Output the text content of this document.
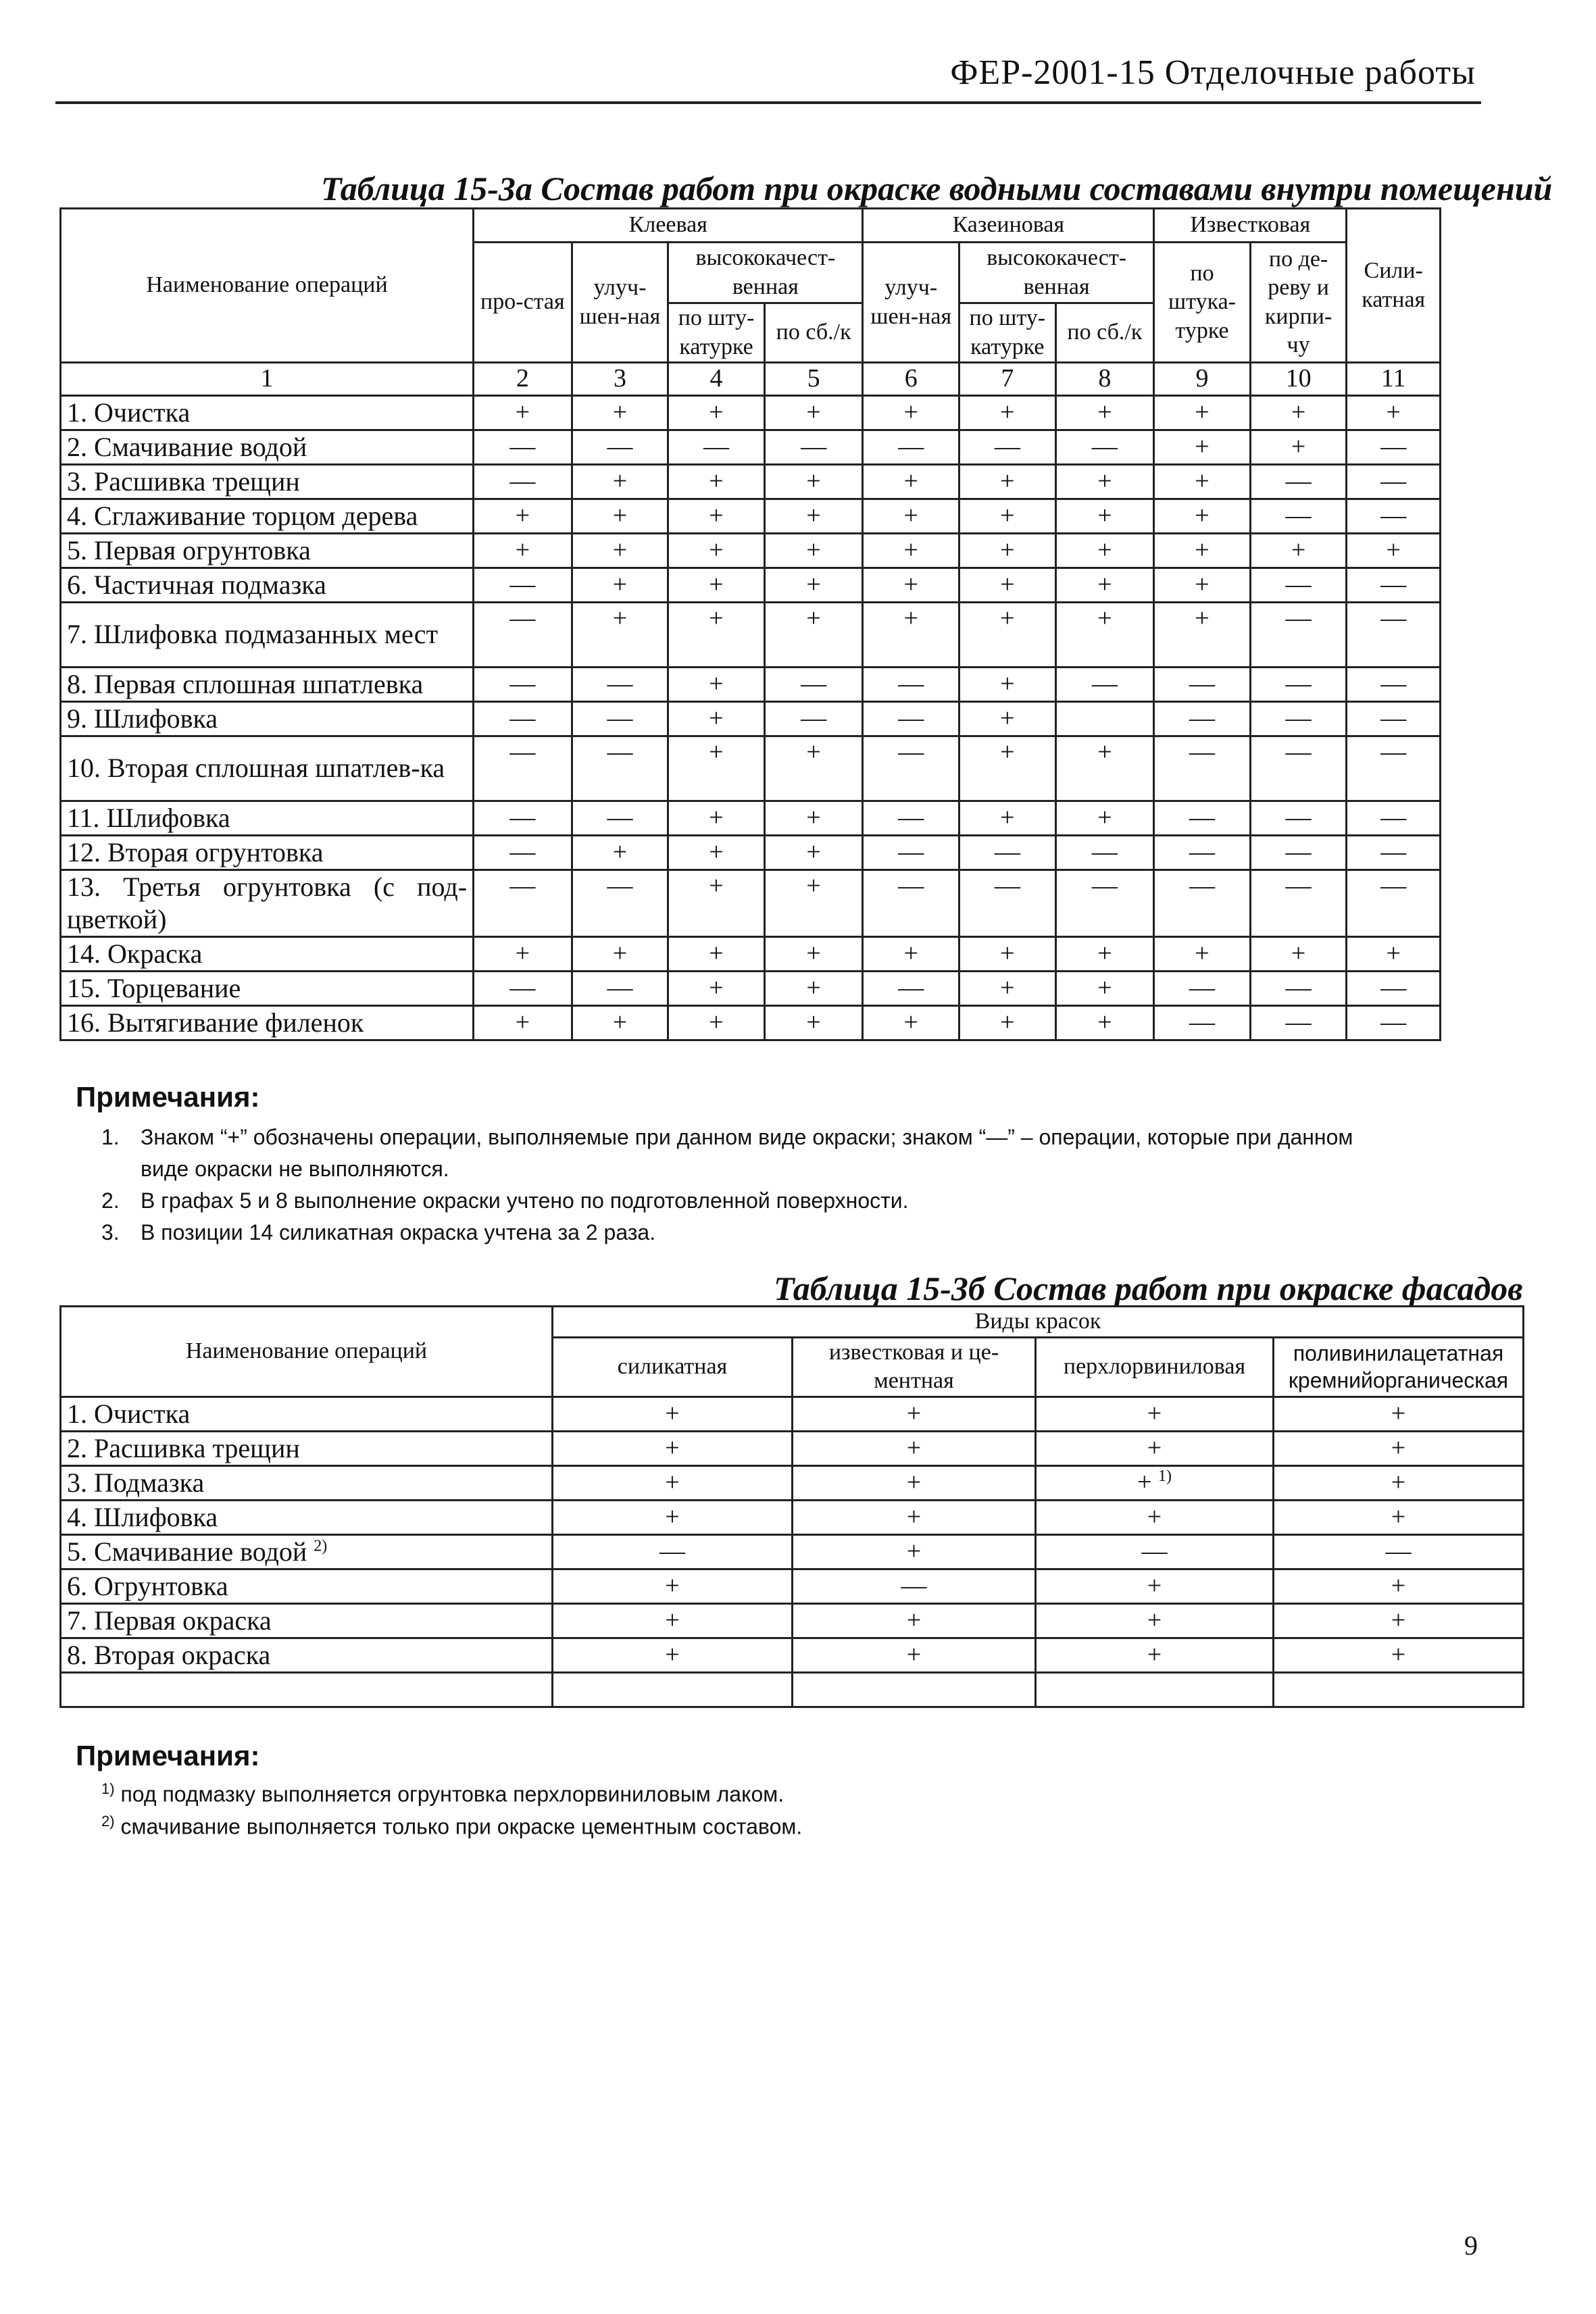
ФЕР-2001-15 Отделочные работы
Таблица 15-3а Состав работ при окраске водными составами внутри помещений
Наименование операций	Клеевая				Казеиновая			Известковая		Сили-катная
	про-стая	улуч-шен-ная	высококачест-венная		улуч-шен-ная	высококачест-венная		по штука-турке	по де-реву и кирпи-чу	
			по шту-катурке	по сб./к		по шту-катурке	по сб./к			
1	2	3	4	5	6	7	8	9	10	11
1. Очистка	+	+	+	+	+	+	+	+	+	+
2. Смачивание водой	—	—	—	—	—	—	—	+	+	—
3. Расшивка трещин	—	+	+	+	+	+	+	+	—	—
4. Сглаживание торцом дерева	+	+	+	+	+	+	+	+	—	—
5. Первая огрунтовка	+	+	+	+	+	+	+	+	+	+
6. Частичная подмазка	—	+	+	+	+	+	+	+	—	—
7. Шлифовка подмазанных мест	—	+	+	+	+	+	+	+	—	—
8. Первая сплошная шпатлевка	—	—	+	—	—	+	—	—	—	—
9. Шлифовка	—	—	+	—	—	+		—	—	—
10. Вторая сплошная шпатлев-ка	—	—	+	+	—	+	+	—	—	—
11. Шлифовка	—	—	+	+	—	+	+	—	—	—
12. Вторая огрунтовка	—	+	+	+	—	—	—	—	—	—
13. Третья огрунтовка (с под-цветкой)	—	—	+	+	—	—	—	—	—	—
14. Окраска	+	+	+	+	+	+	+	+	+	+
15. Торцевание	—	—	+	+	—	+	+	—	—	—
16. Вытягивание филенок	+	+	+	+	+	+	+	—	—	—
Примечания:
1. Знаком “+” обозначены операции, выполняемые при данном виде окраски; знаком “—” – операции, которые при данном
виде окраски не выполняются.
2. В графах 5 и 8 выполнение окраски учтено по подготовленной поверхности.
3. В позиции 14 силикатная окраска учтена за 2 раза.
Таблица 15-3б Состав работ при окраске фасадов
Наименование операций	Виды красок			
	силикатная	известковая и це-ментная	перхлорвиниловая	поливинилацетатная кремнийорганическая
1. Очистка	+	+	+	+
2. Расшивка трещин	+	+	+	+
3. Подмазка	+	+	+ $^{1)}$	+
4. Шлифовка	+	+	+	+
5. Смачивание водой $^{2)}$	—	+	—	—
6. Огрунтовка	+	—	+	+
7. Первая окраска	+	+	+	+
8. Вторая окраска	+	+	+	+

Примечания:
$^{1)}$ под подмазку выполняется огрунтовка перхлорвиниловым лаком.
$^{2)}$ смачивание выполняется только при окраске цементным составом.
9
